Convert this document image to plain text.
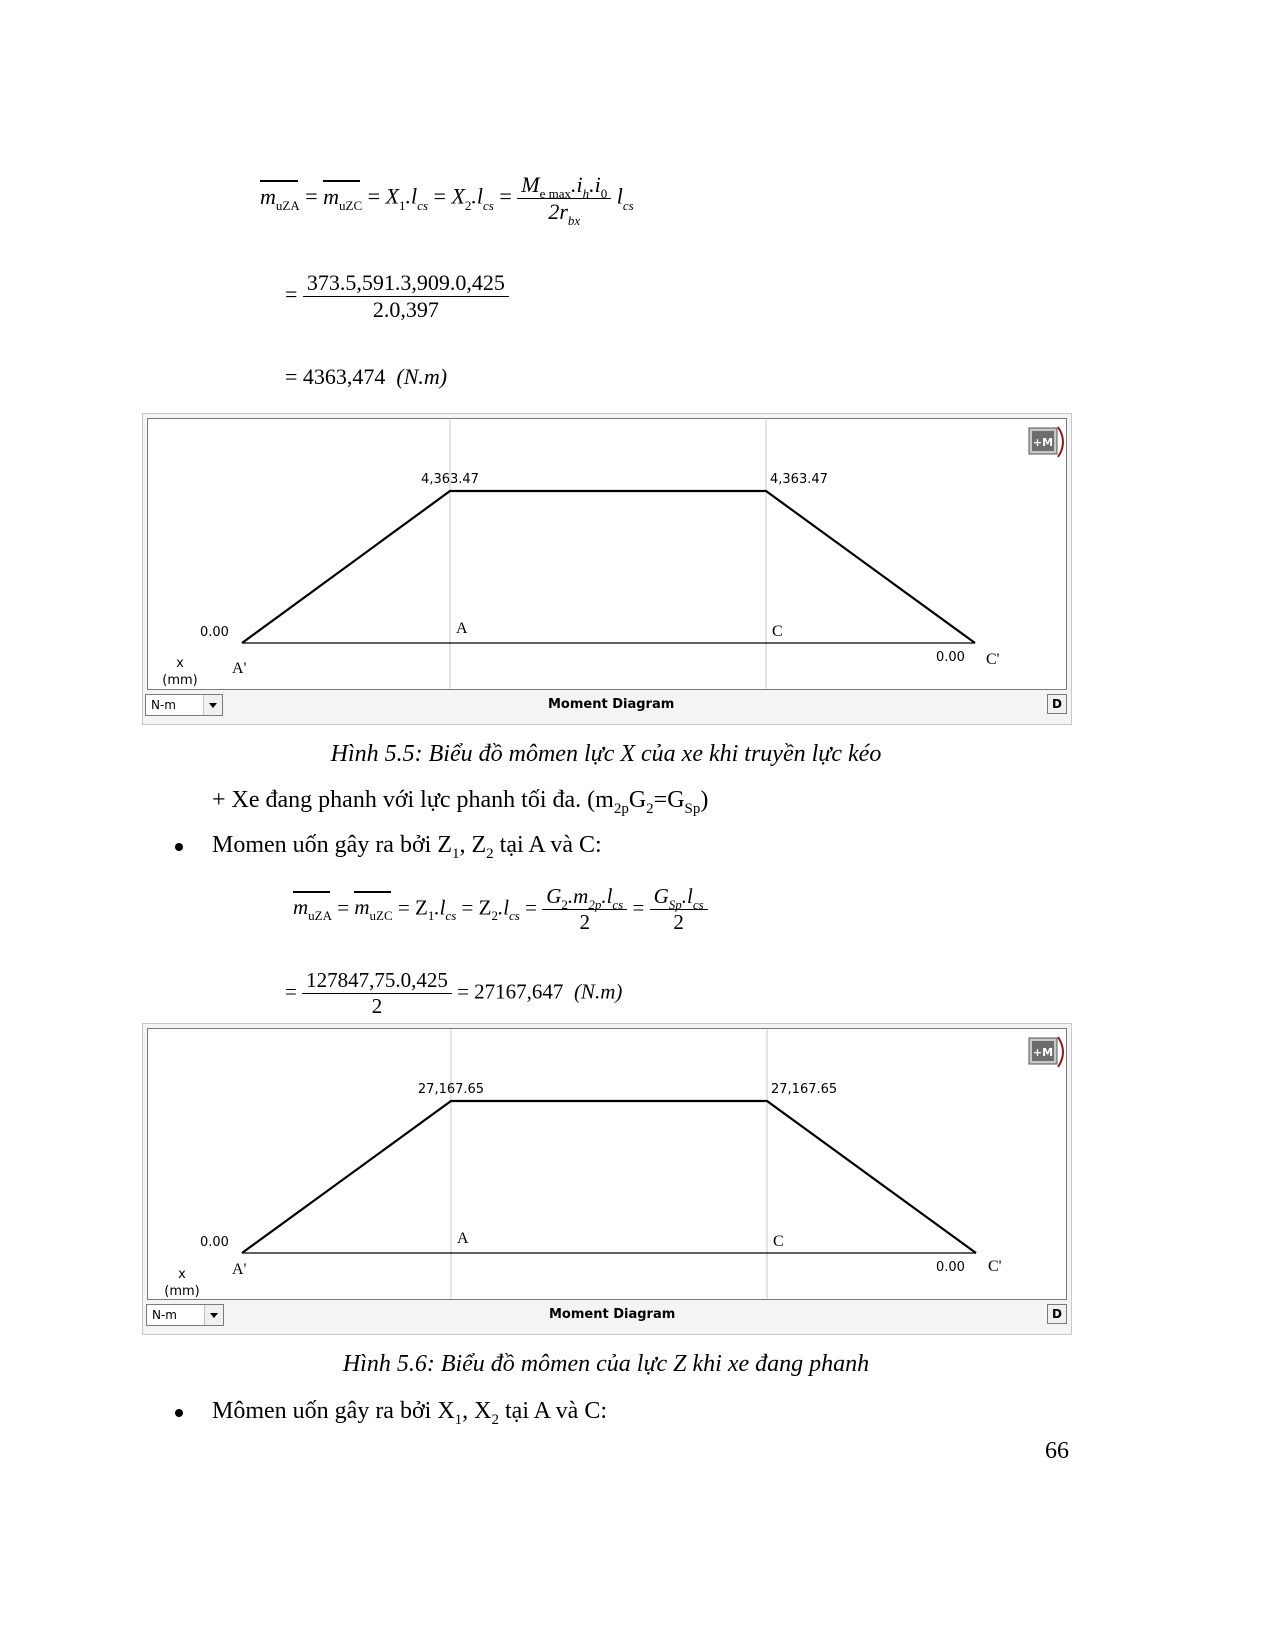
$m_{uZA} = m_{uZC} = X_1.l_{cs} = X_2.l_{cs} = \frac{M_{e max}.i_h.i_0}{2r_{bx}} l_{cs}$
= $\frac{373.5,591.3,909.0,425}{2.0,397}$
= 4363,474 (N.m)
4,363.47	4,363.47
0.00
0.00
A	C
A'
C'
x
(mm)
+M
N-m	Moment Diagram	D
Hình 5.5: Biểu đồ mômen lực X của xe khi truyền lực kéo
+ Xe đang phanh với lực phanh tối đa. $(m_{2p}G_2=G_{Sp})$
Momen uốn gây ra bởi $Z_1$, $Z_2$ tại A và C:
$m_{uZA} = m_{uZC} = Z_1.l_{cs} = Z_2.l_{cs} = \frac{G_2.m_{2p}.l_{cs}}{2} = \frac{G_{Sp}.l_{cs}}{2}$
= $\frac{127847,75.0,425}{2} = 27167,647$ (N.m)
27,167.65	27,167.65
0.00
0.00
A	C
A'	C'
x
(mm)
+M
N-m	Moment Diagram	D
Hình 5.6: Biểu đồ mômen của lực Z khi xe đang phanh
Mômen uốn gây ra bởi $X_1$, $X_2$ tại A và C:
66
